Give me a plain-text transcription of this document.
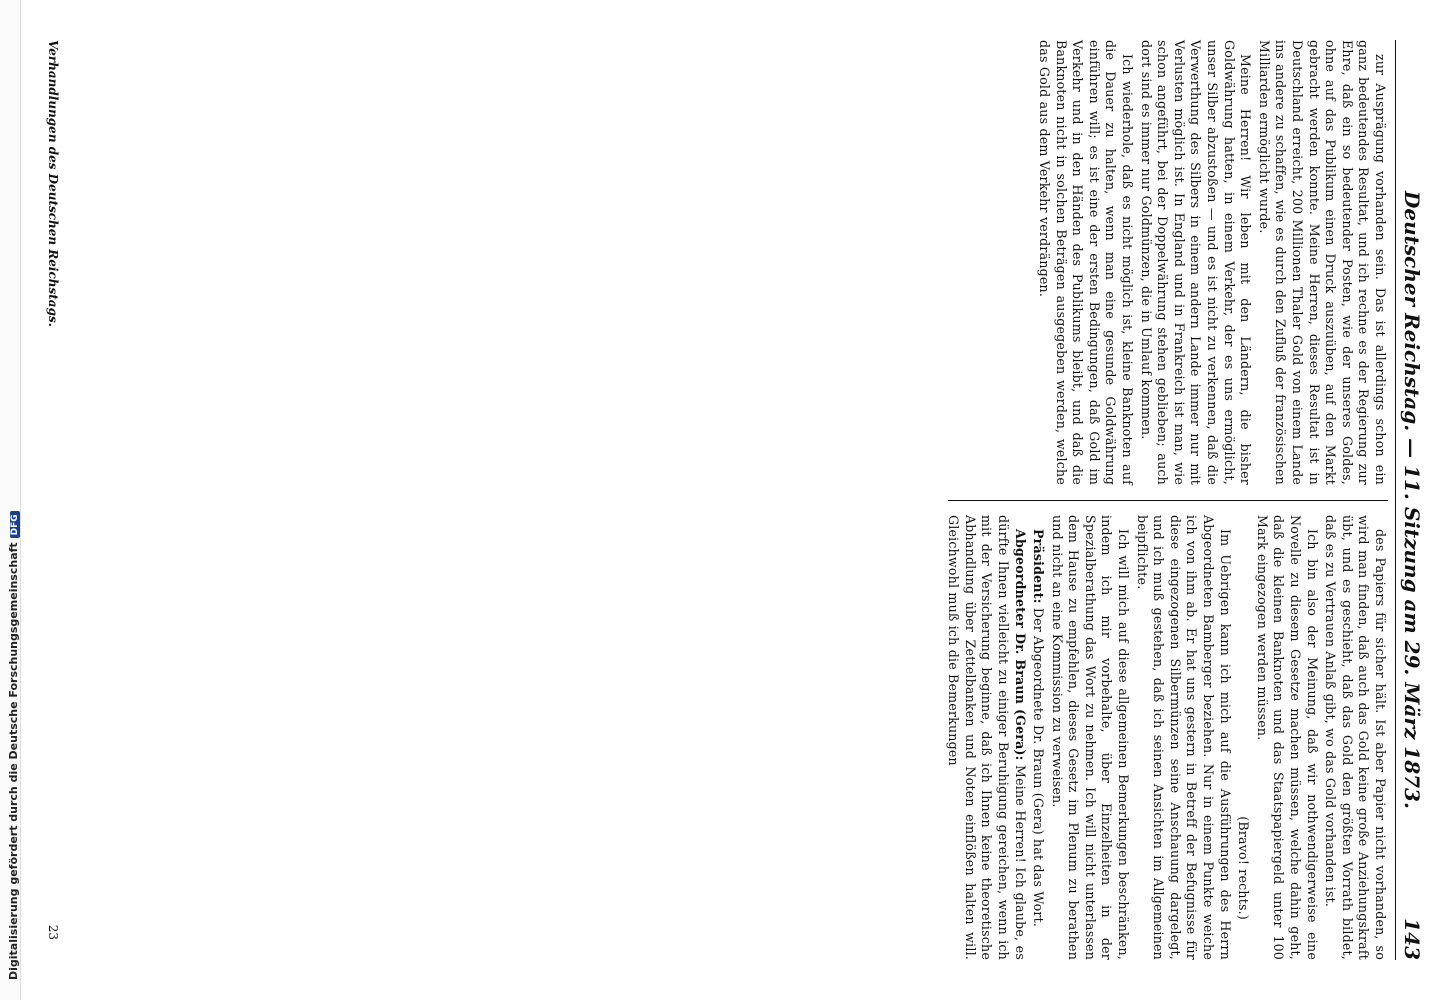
Digitalisierung gefördert durch die Deutsche ForschungsgemeinschaftDFG	Deutscher Reichstag. — 11. Sitzung am 29. März 1873.
143

zur Ausprägung vorhanden sein. Das ist allerdings schon ein ganz bedeutendes Resultat, und ich rechne es der Regierung zur Ehre, daß ein so bedeutender Posten, wie der unseres Goldes, ohne auf das Publikum einen Druck auszuüben, auf den Markt gebracht werden konnte. Meine Herren, dieses Resultat ist in Deutschland erreicht, 200 Millionen Thaler Gold von einem Lande ins andere zu schaffen, wie es durch den Zufluß der französischen Milliarden ermöglicht wurde.

Meine Herren! Wir leben mit den Ländern, die bisher Goldwährung hatten, in einem Verkehr, der es uns ermöglicht, unser Silber abzustoßen — und es ist nicht zu verkennen, daß die Verwerthung des Silbers in einem andern Lande immer nur mit Verlusten möglich ist. In England und in Frankreich ist man, wie schon angeführt, bei der Doppelwährung stehen geblieben; auch dort sind es immer nur Goldmünzen, die in Umlauf kommen.

Ich wiederhole, daß es nicht möglich ist, kleine Banknoten auf die Dauer zu halten, wenn man eine gesunde Goldwährung einführen will; es ist eine der ersten Bedingungen, daß Gold im Verkehr und in den Händen des Publikums bleibt, und daß die Banknoten nicht in solchen Beträgen ausgegeben werden, welche das Gold aus dem Verkehr verdrängen.

des Papiers für sicher hält. Ist aber Papier nicht vorhanden, so wird man finden, daß auch das Gold keine große Anziehungskraft übt, und es geschieht, daß das Gold den größten Vorrath bildet, daß es zu Vertrauen Anlaß gibt, wo das Gold vorhanden ist.

Ich bin also der Meinung, daß wir nothwendigerweise eine Novelle zu diesem Gesetze machen müssen, welche dahin geht, daß die kleinen Banknoten und das Staatspapiergeld unter 100 Mark eingezogen werden müssen.

(Bravo! rechts.)

Im Uebrigen kann ich mich auf die Ausführungen des Herrn Abgeordneten Bamberger beziehen. Nur in einem Punkte weiche ich von ihm ab. Er hat uns gestern in Betreff der Befugnisse für diese eingezogenen Silbermünzen seine Anschauung dargelegt, und ich muß gestehen, daß ich seinen Ansichten im Allgemeinen beipflichte.

Ich will mich auf diese allgemeinen Bemerkungen beschränken, indem ich mir vorbehalte, über Einzelheiten in der Spezialberathung das Wort zu nehmen. Ich will nicht unterlassen dem Hause zu empfehlen, dieses Gesetz im Plenum zu berathen und nicht an eine Kommission zu verweisen.

Präsident: Der Abgeordnete Dr. Braun (Gera) hat das Wort.

Abgeordneter Dr. Braun (Gera): Meine Herren! Ich glaube, es dürfte Ihnen vielleicht zu einiger Beruhigung gereichen, wenn ich mit der Versicherung beginne, daß ich Ihnen keine theoretische Abhandlung über Zettelbanken und Noten einflößen halten will. Gleichwohl muß ich die Bemerkungen

23
Verhandlungen des Deutschen Reichstags.
